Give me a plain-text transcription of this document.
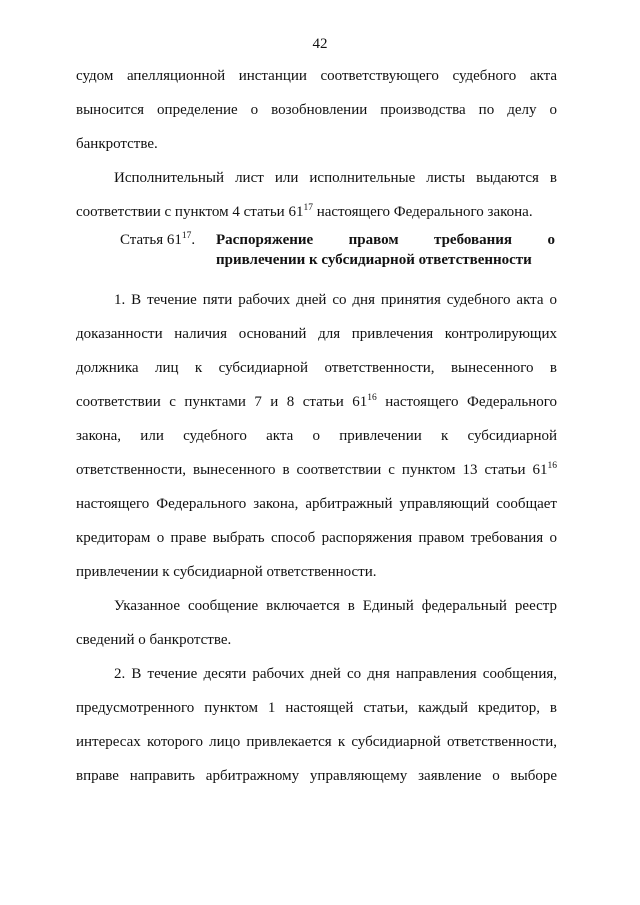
42
судом апелляционной инстанции соответствующего судебного акта
выносится определение о возобновлении производства по делу о
банкротстве.
Исполнительный лист или исполнительные листы выдаются в
соответствии с пунктом 4 статьи $61^{17}$ настоящего Федерального закона.
Статья $61^{17}$. Распоряжение правом требования о
привлечении к субсидиарной ответственности
1. В течение пяти рабочих дней со дня принятия судебного акта о
доказанности наличия оснований для привлечения контролирующих
должника лиц к субсидиарной ответственности, вынесенного в
соответствии с пунктами 7 и 8 статьи $61^{16}$ настоящего Федерального
закона, или судебного акта о привлечении к субсидиарной
ответственности, вынесенного в соответствии с пунктом 13 статьи $61^{16}$
настоящего Федерального закона, арбитражный управляющий сообщает
кредиторам о праве выбрать способ распоряжения правом требования о
привлечении к субсидиарной ответственности.
Указанное сообщение включается в Единый федеральный реестр
сведений о банкротстве.
2. В течение десяти рабочих дней со дня направления сообщения,
предусмотренного пунктом 1 настоящей статьи, каждый кредитор, в
интересах которого лицо привлекается к субсидиарной ответственности,
вправе направить арбитражному управляющему заявление о выборе
